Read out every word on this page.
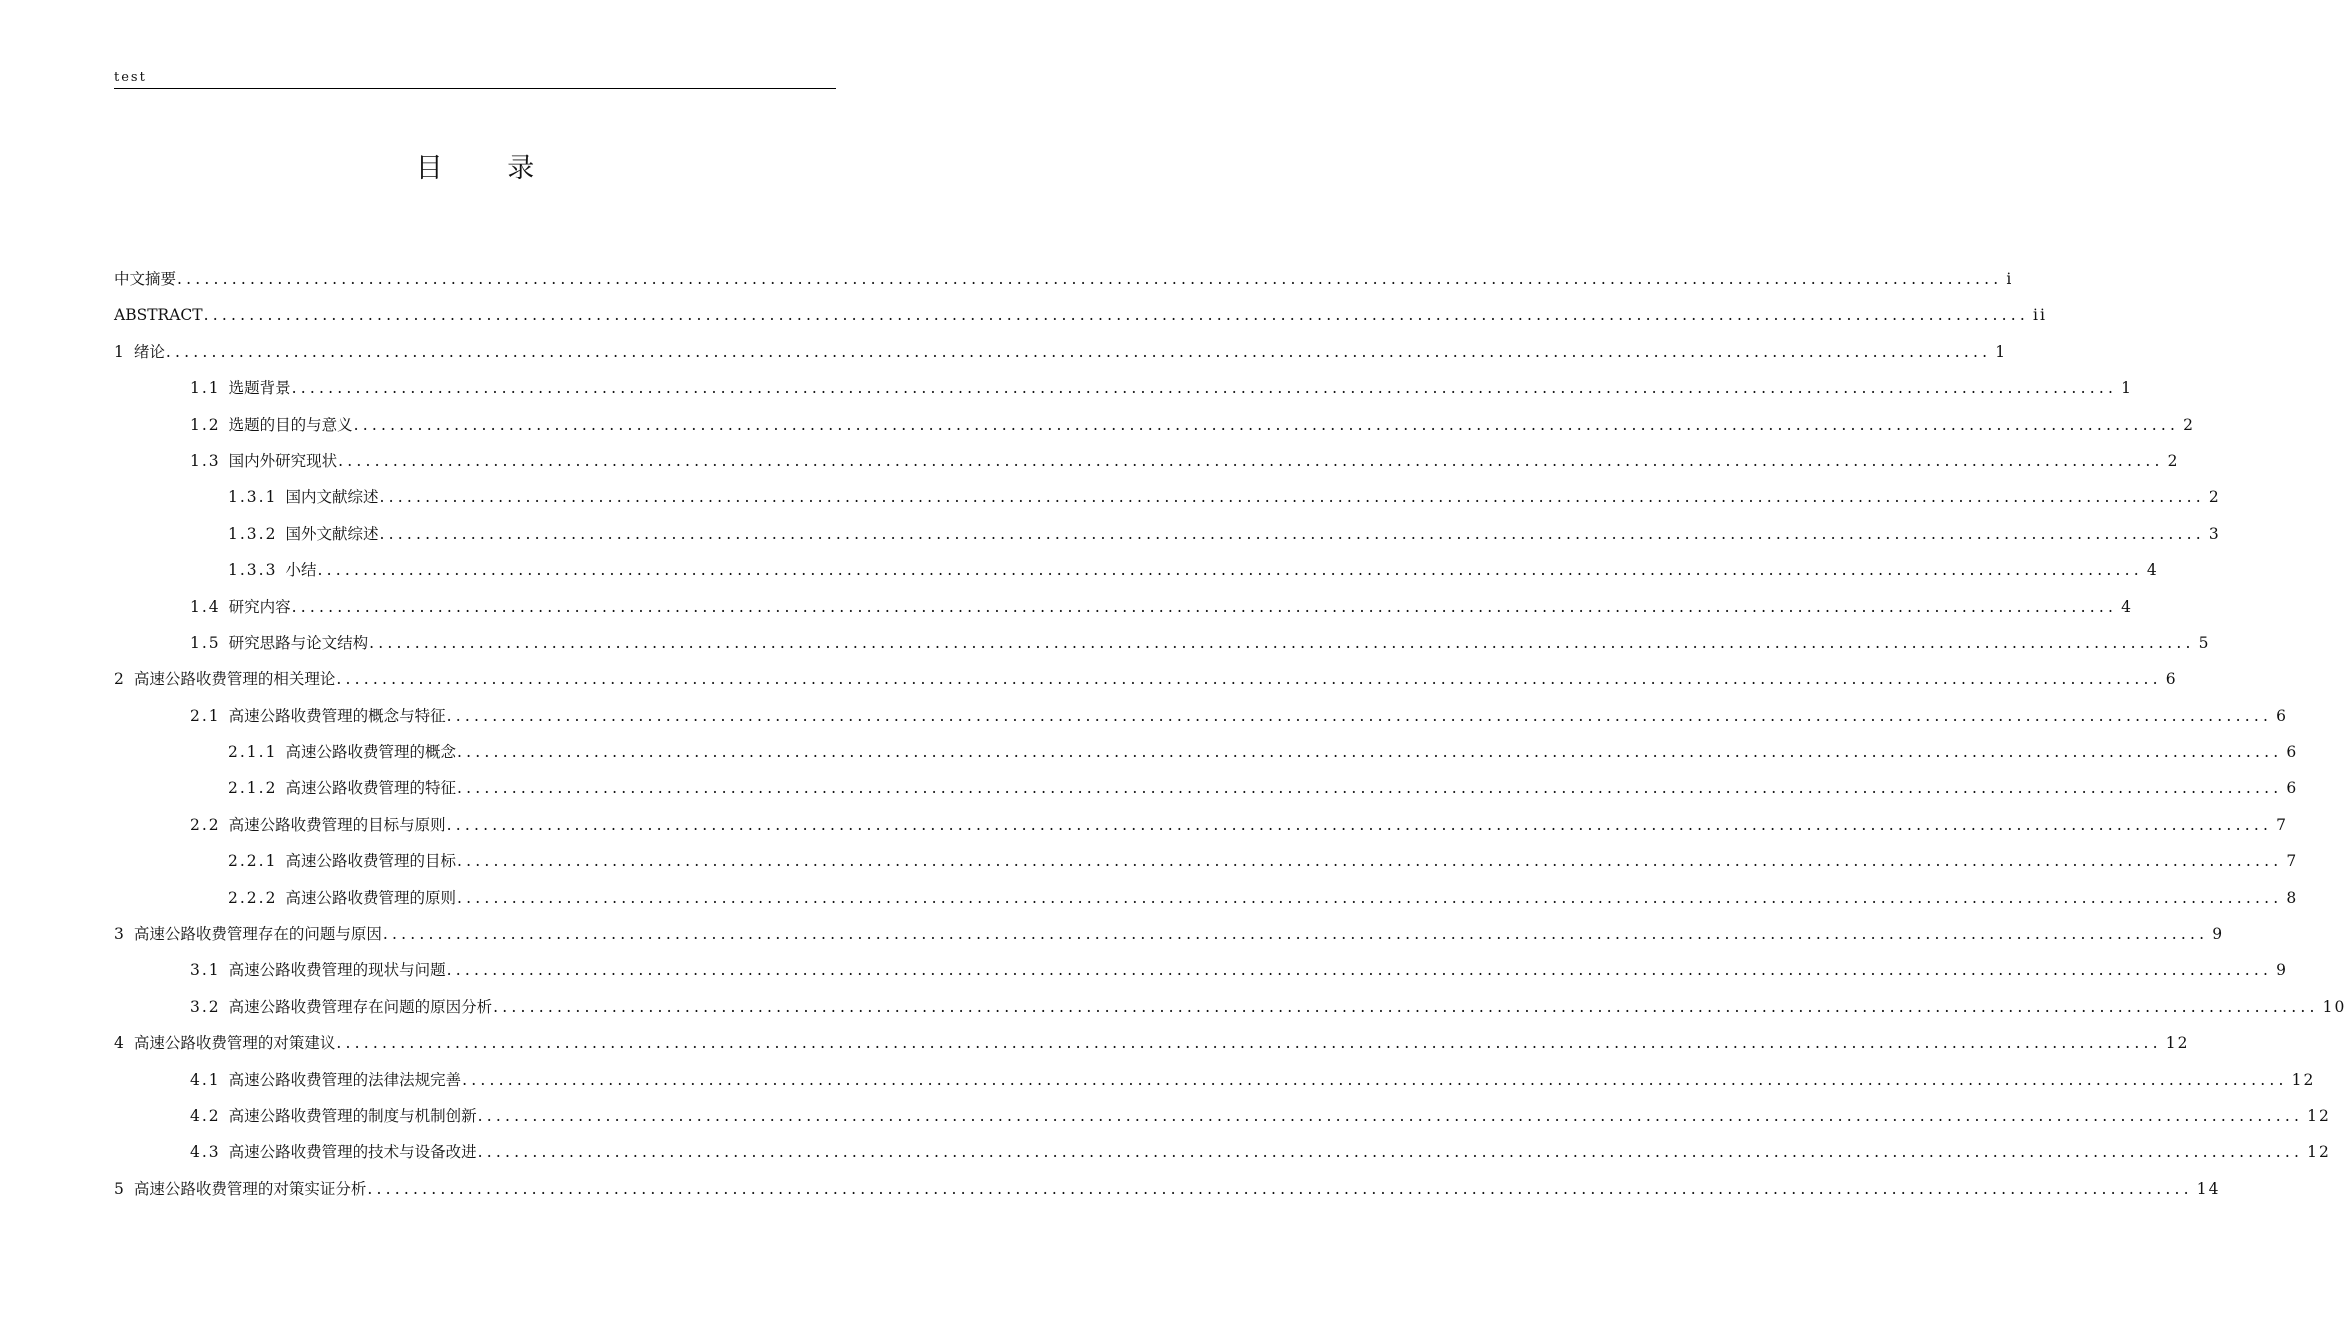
test
目 录
中文摘要 ........................................................................................................................................................................................................ i
ABSTRACT ........................................................................................................................................................................................................ ii
1 绪论 ........................................................................................................................................................................................................ 1
1.1 选题背景 ........................................................................................................................................................................................................ 1
1.2 选题的目的与意义 ........................................................................................................................................................................................................ 2
1.3 国内外研究现状 ........................................................................................................................................................................................................ 2
1.3.1 国内文献综述 ........................................................................................................................................................................................................ 2
1.3.2 国外文献综述 ........................................................................................................................................................................................................ 3
1.3.3 小结 ........................................................................................................................................................................................................ 4
1.4 研究内容 ........................................................................................................................................................................................................ 4
1.5 研究思路与论文结构 ........................................................................................................................................................................................................ 5
2 高速公路收费管理的相关理论 ........................................................................................................................................................................................................ 6
2.1 高速公路收费管理的概念与特征 ........................................................................................................................................................................................................ 6
2.1.1 高速公路收费管理的概念 ........................................................................................................................................................................................................ 6
2.1.2 高速公路收费管理的特征 ........................................................................................................................................................................................................ 6
2.2 高速公路收费管理的目标与原则 ........................................................................................................................................................................................................ 7
2.2.1 高速公路收费管理的目标 ........................................................................................................................................................................................................ 7
2.2.2 高速公路收费管理的原则 ........................................................................................................................................................................................................ 8
3 高速公路收费管理存在的问题与原因 ........................................................................................................................................................................................................ 9
3.1 高速公路收费管理的现状与问题 ........................................................................................................................................................................................................ 9
3.2 高速公路收费管理存在问题的原因分析 ........................................................................................................................................................................................................ 10
4 高速公路收费管理的对策建议 ........................................................................................................................................................................................................ 12
4.1 高速公路收费管理的法律法规完善 ........................................................................................................................................................................................................ 12
4.2 高速公路收费管理的制度与机制创新 ........................................................................................................................................................................................................ 12
4.3 高速公路收费管理的技术与设备改进 ........................................................................................................................................................................................................ 12
5 高速公路收费管理的对策实证分析 ........................................................................................................................................................................................................ 14
